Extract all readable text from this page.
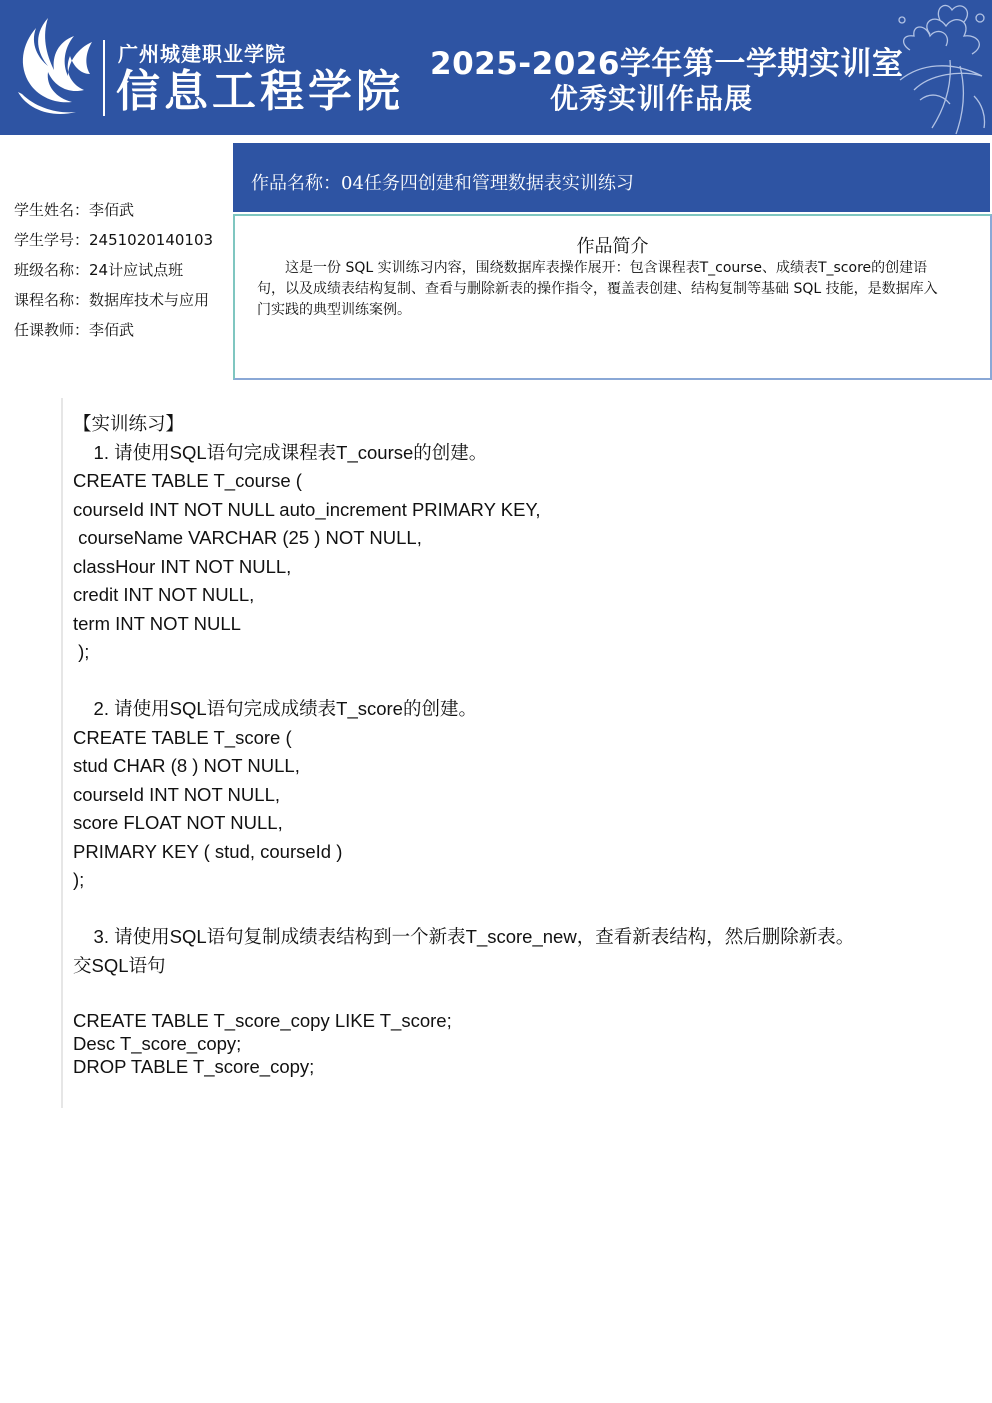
广州城建职业学院
信息工程学院
2025-2026学年第一学期实训室
优秀实训作品展
作品名称：04任务四创建和管理数据表实训练习
学生姓名：李佰武
学生学号：2451020140103
班级名称：24计应试点班
课程名称：数据库技术与应用
任课教师：李佰武
作品简介
这是一份 SQL 实训练习内容，围绕数据库表操作展开：包含课程表T_course、成绩表T_score的创建语句，以及成绩表结构复制、查看与删除新表的操作指令，覆盖表创建、结构复制等基础 SQL 技能，是数据库入门实践的典型训练案例。
【实训练习】
1. 请使用SQL语句完成课程表T_course的创建。
CREATE TABLE T_course (
courseId INT NOT NULL auto_increment PRIMARY KEY,
courseName VARCHAR (25 ) NOT NULL,
classHour INT NOT NULL,
credit INT NOT NULL,
term INT NOT NULL
);
2. 请使用SQL语句完成成绩表T_score的创建。
CREATE TABLE T_score (
stud CHAR (8 ) NOT NULL,
courseId INT NOT NULL,
score FLOAT NOT NULL,
PRIMARY KEY ( stud, courseId )
);
3. 请使用SQL语句复制成绩表结构到一个新表T_score_new，查看新表结构，然后删除新表。
交SQL语句
CREATE TABLE T_score_copy LIKE T_score;
Desc T_score_copy;
DROP TABLE T_score_copy;
